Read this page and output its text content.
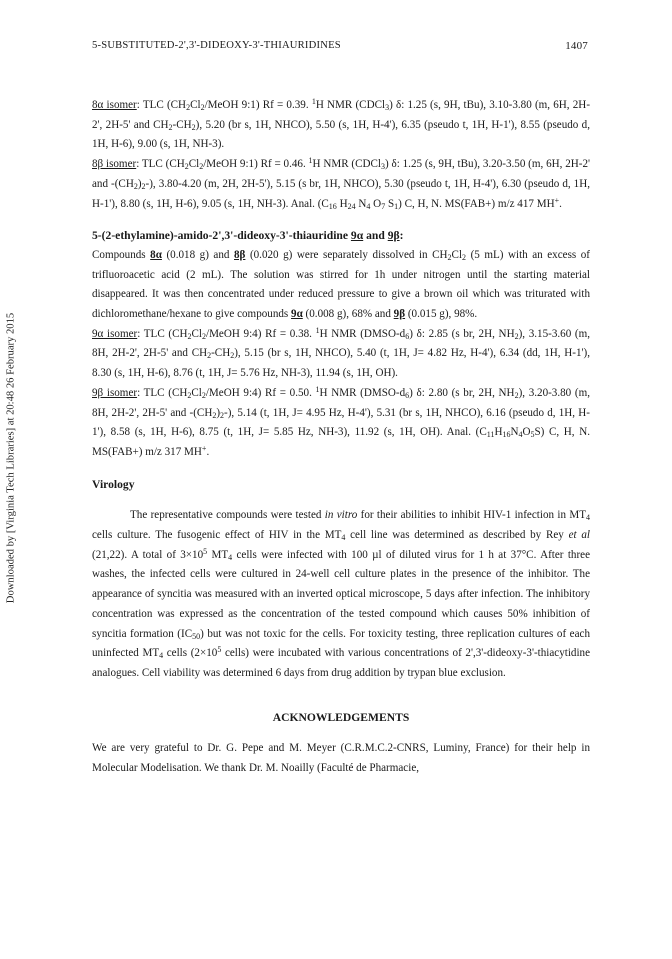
5-SUBSTITUTED-2',3'-DIDEOXY-3'-THIAURIDINES	1407
Downloaded by [Virginia Tech Libraries] at 20:48 26 February 2015

8α isomer: TLC ($CH_2Cl_2$/MeOH 9:1) Rf = 0.39. $^1$H NMR (CDCl$_3$) δ: 1.25 (s, 9H, tBu), 3.10-3.80 (m, 6H, 2H-2', 2H-5' and $CH_2-CH_2$), 5.20 (br s, 1H, NHCO), 5.50 (s, 1H, H-4'), 6.35 (pseudo t, 1H, H-1'), 8.55 (pseudo d, 1H, H-6), 9.00 (s, 1H, NH-3).

8β isomer: TLC ($CH_2Cl_2$/MeOH 9:1) Rf = 0.46. $^1$H NMR (CDCl$_3$) δ: 1.25 (s, 9H, tBu), 3.20-3.50 (m, 6H, 2H-2' and $-(CH_2)_2-$), 3.80-4.20 (m, 2H, 2H-5'), 5.15 (s br, 1H, NHCO), 5.30 (pseudo t, 1H, H-4'), 6.30 (pseudo d, 1H, H-1'), 8.80 (s, 1H, H-6), 9.05 (s, 1H, NH-3). Anal. ($C_{16}$ $H_{24}$ $N_4$ $O_7$ $S_1$) C, H, N. MS(FAB+) m/z 417 MH+.

5-(2-ethylamine)-amido-2',3'-dideoxy-3'-thiauridine 9α and 9β:

Compounds 8α (0.018 g) and 8β (0.020 g) were separately dissolved in $CH_2Cl_2$ (5 mL) with an excess of trifluoroacetic acid (2 mL). The solution was stirred for 1h under nitrogen until the starting material disappeared. It was then concentrated under reduced pressure to give a brown oil which was triturated with dichloromethane/hexane to give compounds 9α (0.008 g), 68% and 9β (0.015 g), 98%.

9α isomer: TLC ($CH_2Cl_2$/MeOH 9:4) Rf = 0.38. $^1$H NMR $(DMSO-d_6)$ δ: 2.85 (s br, 2H, $NH_2$), 3.15-3.60 (m, 8H, 2H-2', 2H-5' and $CH_2-CH_2$), 5.15 (br s, 1H, NHCO), 5.40 (t, 1H, J= 4.82 Hz, H-4'), 6.34 (dd, 1H, H-1'), 8.30 (s, 1H, H-6), 8.76 (t, 1H, J= 5.76 Hz, NH-3), 11.94 (s, 1H, OH).

9β isomer: TLC ($CH_2Cl_2$/MeOH 9:4) Rf = 0.50. $^1$H NMR $(DMSO-d_6)$ δ: 2.80 (s br, 2H, $NH_2$), 3.20-3.80 (m, 8H, 2H-2', 2H-5' and $-(CH_2)_2-$), 5.14 (t, 1H, J= 4.95 Hz, H-4'), 5.31 (br s, 1H, NHCO), 6.16 (pseudo d, 1H, H-1'), 8.58 (s, 1H, H-6), 8.75 (t, 1H, J= 5.85 Hz, NH-3), 11.92 (s, 1H, OH). Anal. $(C_{11}H_{16}N_4O_5S)$ C, H, N. MS(FAB+) m/z 317 MH+.

Virology

The representative compounds were tested in vitro for their abilities to inhibit HIV-1 infection in $MT_4$ cells culture. The fusogenic effect of HIV in the $MT_4$ cell line was determined as described by Rey et al (21,22). A total of $3\times 10^5$ $MT_4$ cells were infected with 100 µl of diluted virus for 1 h at 37°C. After three washes, the infected cells were cultured in 24-well cell culture plates in the presence of the inhibitor. The appearance of syncitia was measured with an inverted optical microscope, 5 days after infection. The inhibitory concentration was expressed as the concentration of the tested compound which causes 50% inhibition of syncitia formation $(IC_{50})$ but was not toxic for the cells. For toxicity testing, three replication cultures of each uninfected $MT_4$ cells ($2\times 10^5$ cells) were incubated with various concentrations of 2',3'-dideoxy-3'-thiacytidine analogues. Cell viability was determined 6 days from drug addition by trypan blue exclusion.

ACKNOWLEDGEMENTS

We are very grateful to Dr. G. Pepe and M. Meyer (C.R.M.C.2-CNRS, Luminy, France) for their help in Molecular Modelisation. We thank Dr. M. Noailly (Faculté de Pharmacie,
